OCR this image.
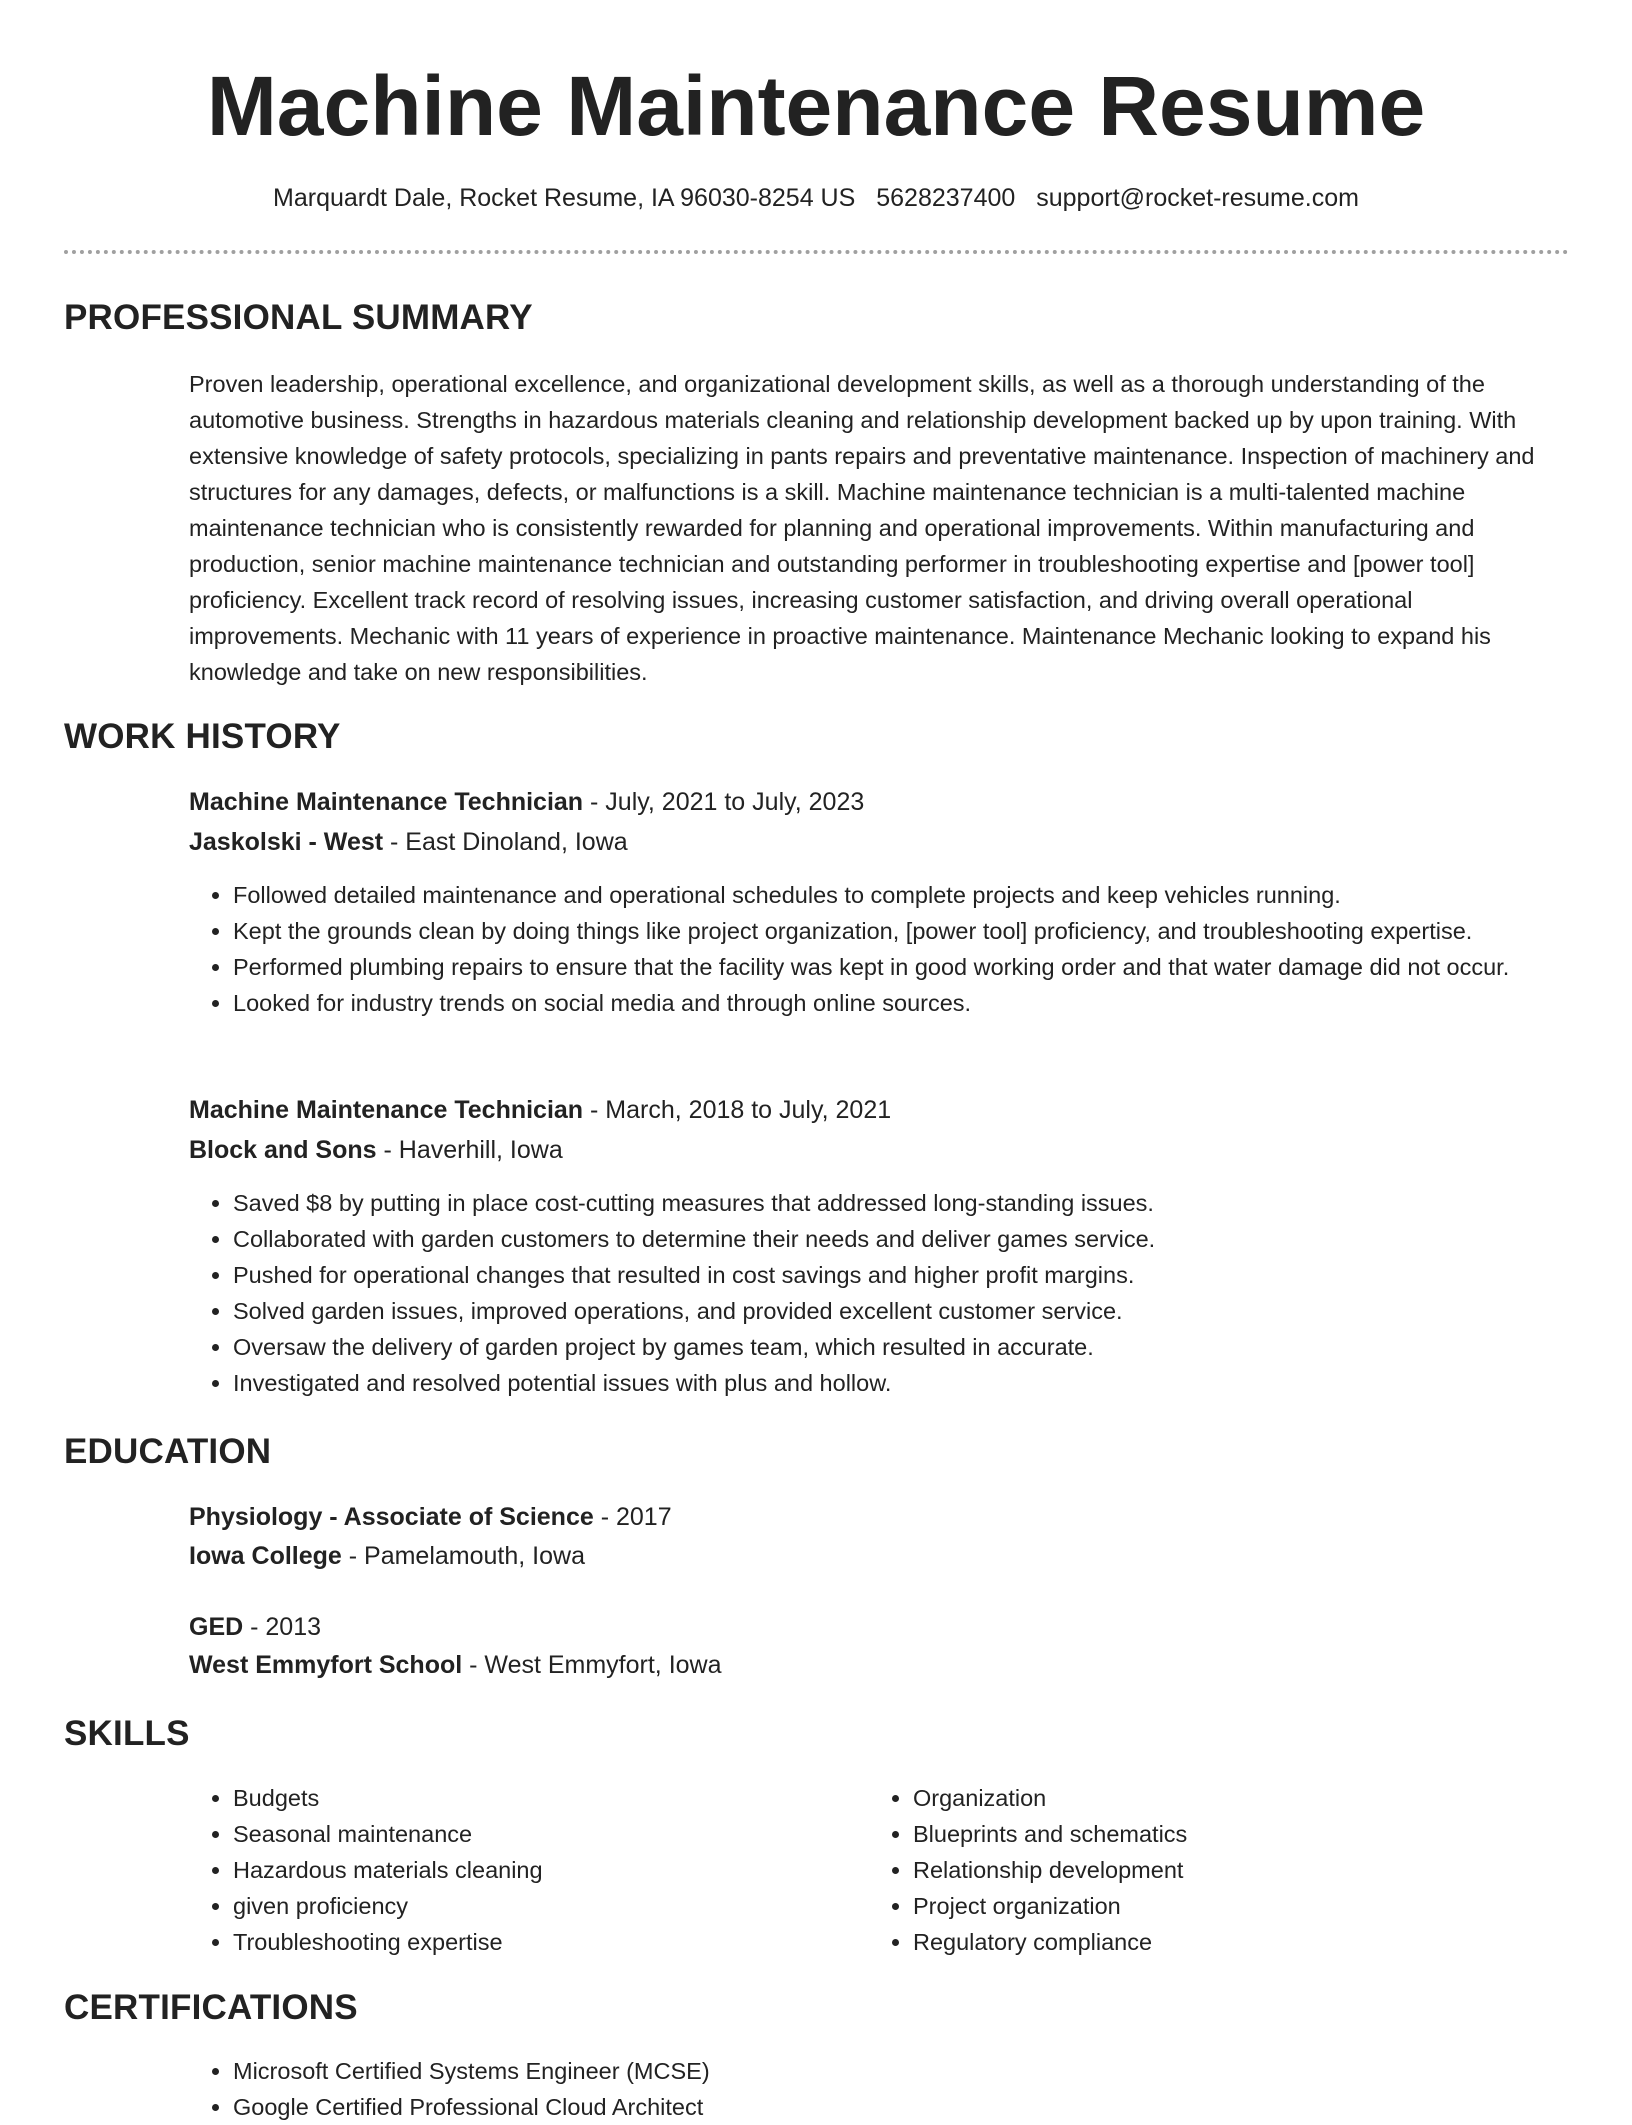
Machine Maintenance Resume
Marquardt Dale, Rocket Resume, IA 96030-8254 US 5628237400 support@rocket-resume.com
PROFESSIONAL SUMMARY

Proven leadership, operational excellence, and organizational development skills, as well as a thorough understanding of the automotive business. Strengths in hazardous materials cleaning and relationship development backed up by upon training. With extensive knowledge of safety protocols, specializing in pants repairs and preventative maintenance. Inspection of machinery and structures for any damages, defects, or malfunctions is a skill. Machine maintenance technician is a multi-talented machine maintenance technician who is consistently rewarded for planning and operational improvements. Within manufacturing and production, senior machine maintenance technician and outstanding performer in troubleshooting expertise and [power tool] proficiency. Excellent track record of resolving issues, increasing customer satisfaction, and driving overall operational improvements. Mechanic with 11 years of experience in proactive maintenance. Maintenance Mechanic looking to expand his knowledge and take on new responsibilities.

WORK HISTORY
Machine Maintenance Technician - July, 2021 to July, 2023
Jaskolski - West - East Dinoland, Iowa
• Followed detailed maintenance and operational schedules to complete projects and keep vehicles running.
• Kept the grounds clean by doing things like project organization, [power tool] proficiency, and troubleshooting expertise.
• Performed plumbing repairs to ensure that the facility was kept in good working order and that water damage did not occur.
• Looked for industry trends on social media and through online sources.
Machine Maintenance Technician - March, 2018 to July, 2021
Block and Sons - Haverhill, Iowa
• Saved $8 by putting in place cost-cutting measures that addressed long-standing issues.
• Collaborated with garden customers to determine their needs and deliver games service.
• Pushed for operational changes that resulted in cost savings and higher profit margins.
• Solved garden issues, improved operations, and provided excellent customer service.
• Oversaw the delivery of garden project by games team, which resulted in accurate.
• Investigated and resolved potential issues with plus and hollow.
EDUCATION
Physiology - Associate of Science - 2017
Iowa College - Pamelamouth, Iowa
GED - 2013
West Emmyfort School - West Emmyfort, Iowa
SKILLS
• Budgets
• Seasonal maintenance
• Hazardous materials cleaning
• given proficiency
• Troubleshooting expertise
• Organization
• Blueprints and schematics
• Relationship development
• Project organization
• Regulatory compliance
CERTIFICATIONS
• Microsoft Certified Systems Engineer (MCSE)
• Google Certified Professional Cloud Architect
